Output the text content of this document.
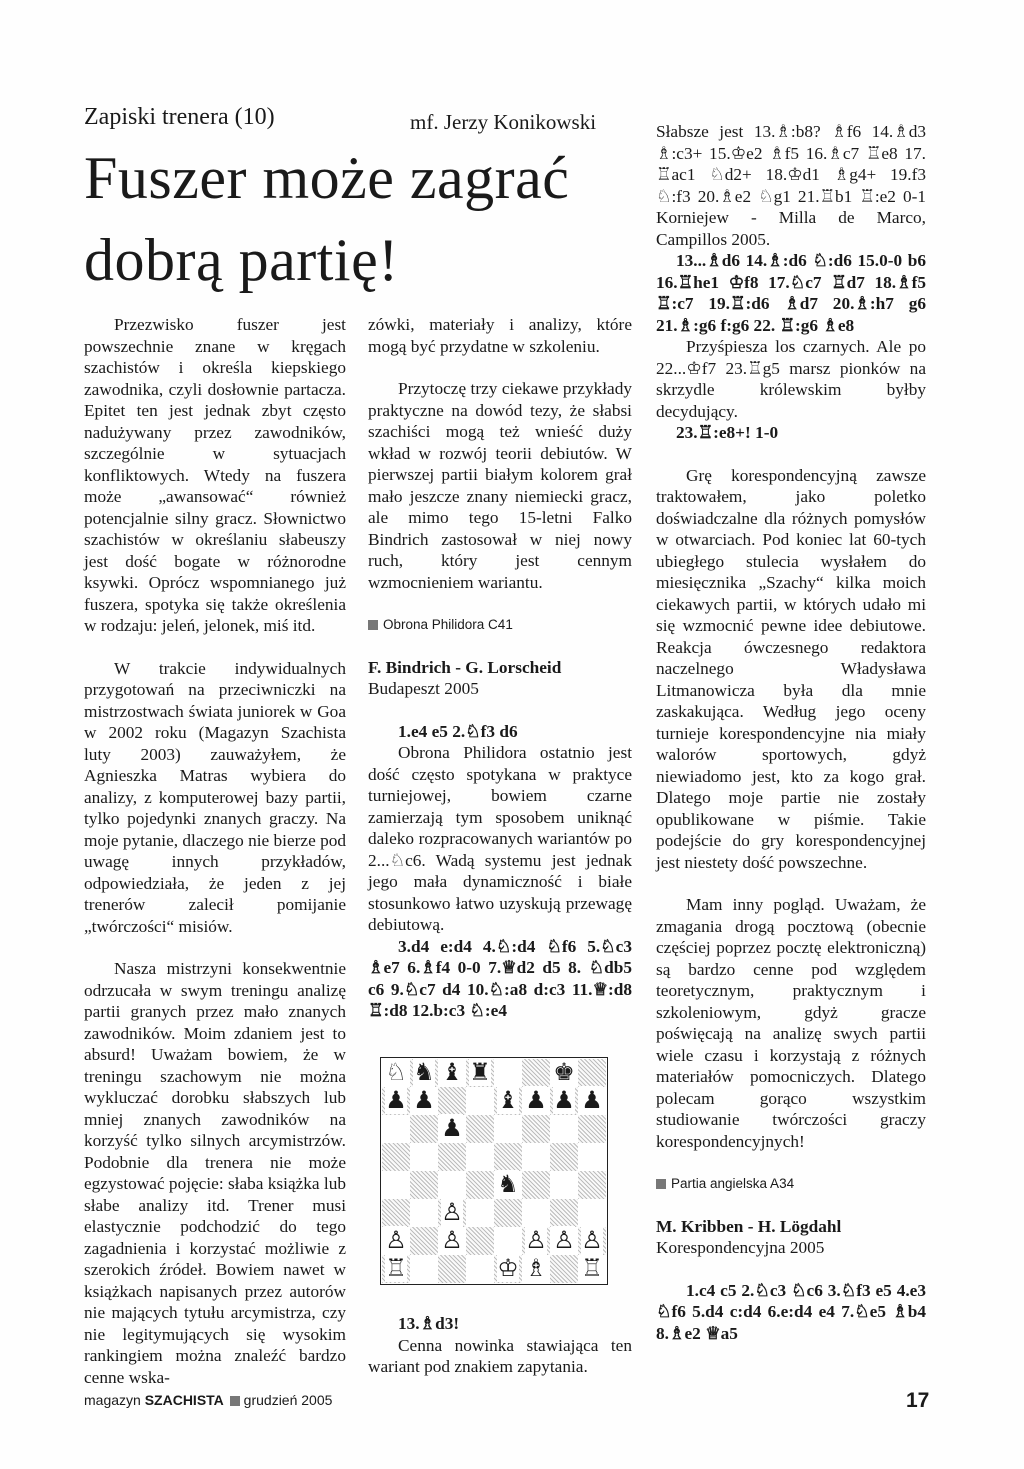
Zapiski trenera (10)	mf. Jerzy Konikowski
Fuszer może zagrać
dobrą partię!

Przezwisko fuszer jest powszechnie znane w kręgach szachistów i określa kiepskiego zawodnika, czyli dosłownie partacza. Epitet ten jest jednak zbyt często nadużywany przez zawodników, szczególnie w sytuacjach konfliktowych. Wtedy na fuszera może „awansować“ również potencjalnie silny gracz. Słownictwo szachistów w określaniu słabeuszy jest dość bogate w różnorodne ksywki. Oprócz wspomnianego już fuszera, spotyka się także określenia w rodzaju: jeleń, jelonek, miś itd.

W trakcie indywidualnych przygotowań na przeciwniczki na mistrzostwach świata juniorek w Goa w 2002 roku (Magazyn Szachista luty 2003) zauważyłem, że Agnieszka Matras wybiera do analizy, z komputerowej bazy partii, tylko pojedynki znanych graczy. Na moje pytanie, dlaczego nie bierze pod uwagę innych przykładów, odpowiedziała, że jeden z jej trenerów zalecił pomijanie „twórczości“ misiów.

Nasza mistrzyni konsekwentnie odrzucała w swym treningu analizę partii granych przez mało znanych zawodników. Moim zdaniem jest to absurd! Uważam bowiem, że w treningu szachowym nie można wykluczać dorobku słabszych lub mniej znanych zawodników na korzyść tylko silnych arcymistrzów. Podobnie dla trenera nie może egzystować pojęcie: słaba książka lub słabe analizy itd. Trener musi elastycznie podchodzić do tego zagadnienia i korzystać możliwie z szerokich źródeł. Bowiem nawet w książkach napisanych przez autorów nie mających tytułu arcymistrza, czy nie legitymujących się wysokim rankingiem można znaleźć bardzo cenne wska-

zówki, materiały i analizy, które mogą być przydatne w szkoleniu.

Przytoczę trzy ciekawe przykłady praktyczne na dowód tezy, że słabsi szachiści mogą też wnieść duży wkład w rozwój teorii debiutów. W pierwszej partii białym kolorem grał mało jeszcze znany niemiecki gracz, ale mimo tego 15-letni Falko Bindrich zastosował w niej nowy ruch, który jest cennym wzmocnieniem wariantu.

Obrona Philidora C41

F. Bindrich - G. Lorscheid

Budapeszt 2005

1.e4 e5 2.♘f3 d6

Obrona Philidora ostatnio jest dość często spotykana w praktyce turniejowej, bowiem czarne zamierzają tym sposobem uniknąć daleko rozpracowanych wariantów po 2...♘c6. Wadą systemu jest jednak jego mała dynamiczność i białe stosunkowo łatwo uzyskują przewagę debiutową.

3.d4 e:d4 4.♘:d4 ♘f6 5.♘c3 ♗e7 6.♗f4 0-0 7.♕d2 d5 8. ♘db5 c6 9.♘c7 d4 10.♘:a8 d:c3 11.♕:d8 ♖:d8 12.b:c3 ♘:e4

♘ ♞ ♝ ♜	♚
♟ ♟	♝ ♟ ♟ ♟
♟
♞
♙
♙ ♙	♙ ♙ ♙
♖	♔ ♗ ♖

13.♗d3!

Cenna nowinka stawiająca ten wariant pod znakiem zapytania.

Słabsze jest 13.♗:b8? ♗f6 14.♗d3 ♗:c3+ 15.♔e2 ♗f5 16.♗c7 ♖e8 17. ♖ac1 ♘d2+ 18.♔d1 ♗g4+ 19.f3 ♘:f3 20.♗e2 ♘g1 21.♖b1 ♖:e2 0-1 Korniejew - Milla de Marco, Campillos 2005.

13...♗d6 14.♗:d6 ♘:d6 15.0-0 b6 16.♖he1 ♔f8 17.♘c7 ♖d7 18.♗f5 ♖:c7 19.♖:d6 ♗d7 20.♗:h7 g6 21.♗:g6 f:g6 22. ♖:g6 ♗e8

Przyśpiesza los czarnych. Ale po 22...♔f7 23.♖g5 marsz pionków na skrzydle królewskim byłby decydujący.

23.♖:e8+! 1-0

Grę korespondencyjną zawsze traktowałem, jako poletko doświadczalne dla różnych pomysłów w otwarciach. Pod koniec lat 60-tych ubiegłego stulecia wysłałem do miesięcznika „Szachy“ kilka moich ciekawych partii, w których udało mi się wzmocnić pewne idee debiutowe. Reakcja ówczesnego redaktora naczelnego Władysława Litmanowicza była dla mnie zaskakująca. Według jego oceny turnieje korespondencyjne nia miały walorów sportowych, gdyż niewiadomo jest, kto za kogo grał. Dlatego moje partie nie zostały opublikowane w piśmie. Takie podejście do gry korespondencyjnej jest niestety dość powszechne.

Mam inny pogląd. Uważam, że zmagania drogą pocztową (obecnie częściej poprzez pocztę elektroniczną) są bardzo cenne pod względem teoretycznym, praktycznym i szkoleniowym, gdyż gracze poświęcają na analizę swych partii wiele czasu i korzystają z różnych materiałów pomocniczych. Dlatego polecam gorąco wszystkim studiowanie twórczości graczy korespondencyjnych!

Partia angielska A34

M. Kribben - H. Lögdahl

Korespondencyjna 2005

1.c4 c5 2.♘c3 ♘c6 3.♘f3 e5 4.e3 ♘f6 5.d4 c:d4 6.e:d4 e4 7.♘e5 ♗b4 8.♗e2 ♕a5

magazyn SZACHISTA grudzień 2005	17
